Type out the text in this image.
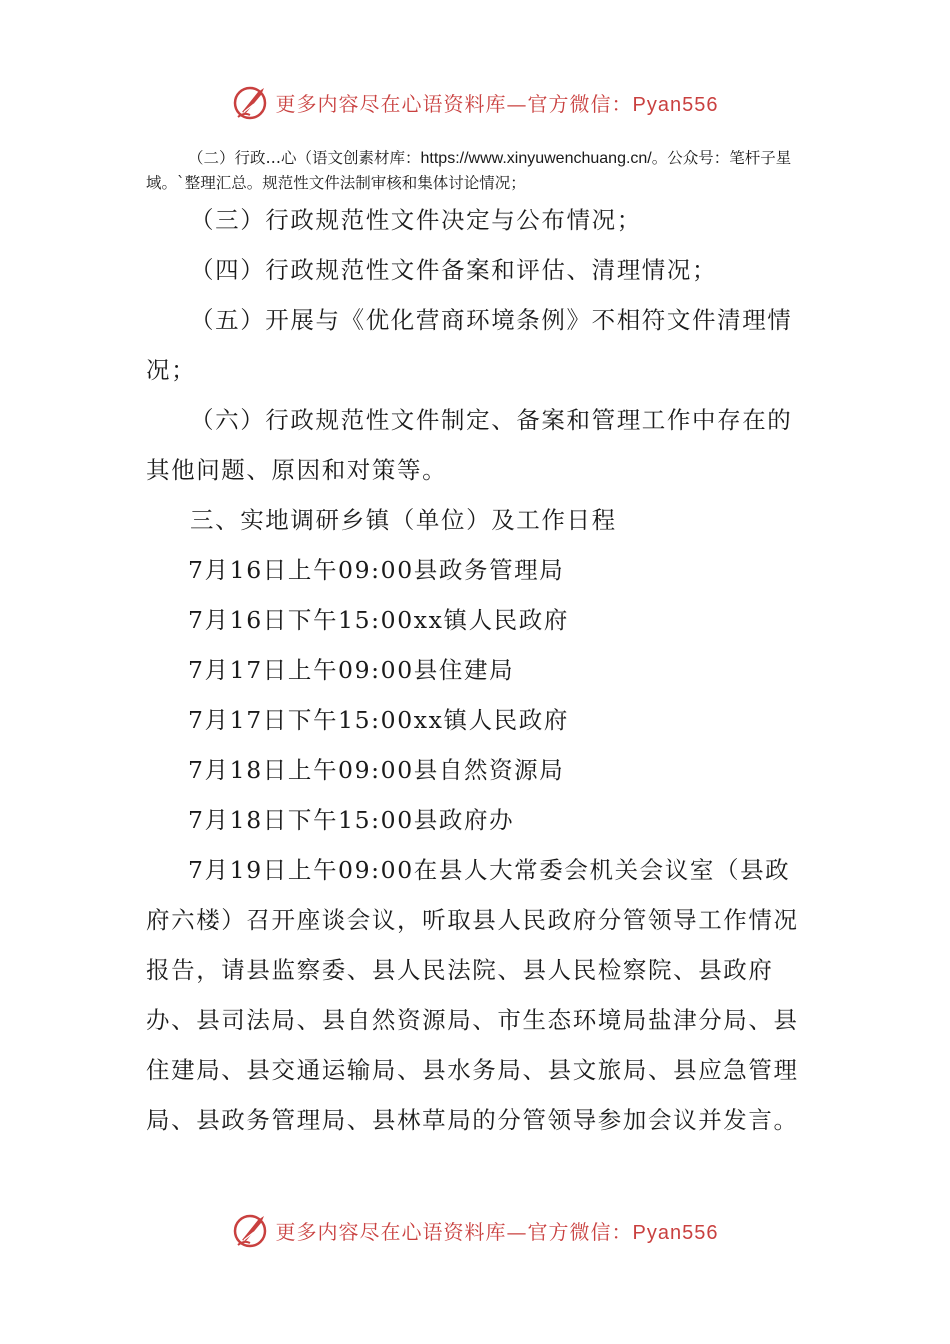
更多内容尽在心语资料库—官方微信：Pyan556
（二）行政…心（语文创素材库：https://www.xinyuwenchuang.cn/。公众号：笔杆子星域。`整理汇总。规范性文件法制审核和集体讨论情况；

（三）行政规范性文件决定与公布情况；

（四）行政规范性文件备案和评估、清理情况；

（五）开展与《优化营商环境条例》不相符文件清理情况；

（六）行政规范性文件制定、备案和管理工作中存在的其他问题、原因和对策等。

三、实地调研乡镇（单位）及工作日程

7月16日上午09:00县政务管理局

7月16日下午15:00xx镇人民政府

7月17日上午09:00县住建局

7月17日下午15:00xx镇人民政府

7月18日上午09:00县自然资源局

7月18日下午15:00县政府办

7月19日上午09:00在县人大常委会机关会议室（县政府六楼）召开座谈会议，听取县人民政府分管领导工作情况报告，请县监察委、县人民法院、县人民检察院、县政府办、县司法局、县自然资源局、市生态环境局盐津分局、县住建局、县交通运输局、县水务局、县文旅局、县应急管理局、县政务管理局、县林草局的分管领导参加会议并发言。

更多内容尽在心语资料库—官方微信：Pyan556
